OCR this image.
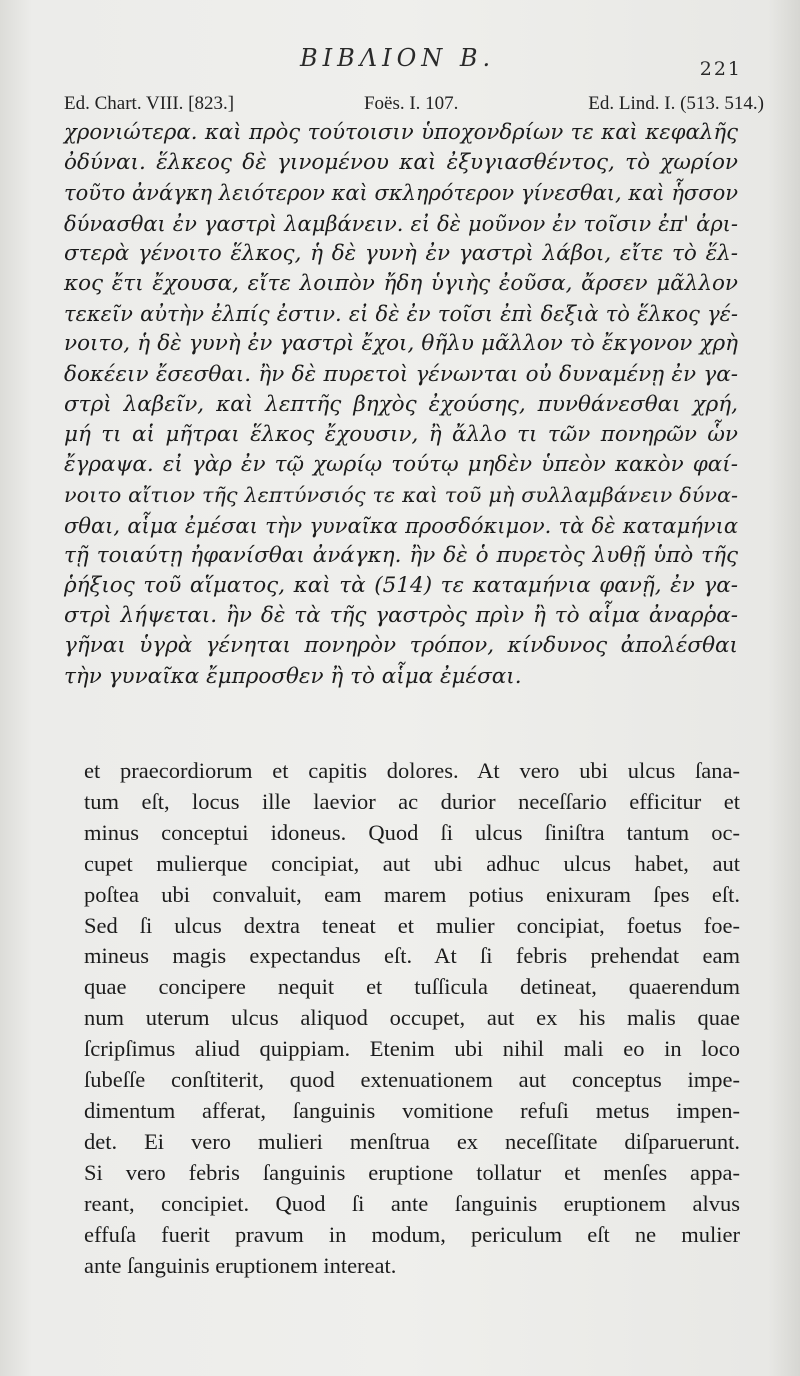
ΒΙΒΛΙΟΝ Β.	221
Ed. Chart. VIII. [823.]	Foës. I. 107.	Ed. Lind. I. (513. 514.)
χρονιώτερα. καὶ πρὸς τούτοισιν ὑποχονδρίων τε καὶ κεφαλῆς
ὀδύναι. ἕλκεος δὲ γινομένου καὶ ἐξυγιασθέντος, τὸ χωρίον
τοῦτο ἀνάγκη λειότερον καὶ σκληρότερον γίνεσθαι, καὶ ἧσσον
δύνασθαι ἐν γαστρὶ λαμβάνειν. εἰ δὲ μοῦνον ἐν τοῖσιν ἐπ' ἀρι-
στερὰ γένοιτο ἕλκος, ἡ δὲ γυνὴ ἐν γαστρὶ λάβοι, εἴτε τὸ ἕλ-
κος ἔτι ἔχουσα, εἴτε λοιπὸν ἤδη ὑγιὴς ἐοῦσα, ἄρσεν μᾶλλον
τεκεῖν αὐτὴν ἐλπίς ἐστιν. εἰ δὲ ἐν τοῖσι ἐπὶ δεξιὰ τὸ ἕλκος γέ-
νοιτο, ἡ δὲ γυνὴ ἐν γαστρὶ ἔχοι, θῆλυ μᾶλλον τὸ ἔκγονον χρὴ
δοκέειν ἔσεσθαι. ἢν δὲ πυρετοὶ γένωνται οὐ δυναμένῃ ἐν γα-
στρὶ λαβεῖν, καὶ λεπτῆς βηχὸς ἐχούσης, πυνθάνεσθαι χρή,
μή τι αἱ μῆτραι ἕλκος ἔχουσιν, ἢ ἄλλο τι τῶν πονηρῶν ὧν
ἔγραψα. εἰ γὰρ ἐν τῷ χωρίῳ τούτῳ μηδὲν ὑπεὸν κακὸν φαί-
νοιτο αἴτιον τῆς λεπτύνσιός τε καὶ τοῦ μὴ συλλαμβάνειν δύνα-
σθαι, αἷμα ἐμέσαι τὴν γυναῖκα προσδόκιμον. τὰ δὲ καταμήνια
τῇ τοιαύτῃ ἠφανίσθαι ἀνάγκη. ἢν δὲ ὁ πυρετὸς λυθῇ ὑπὸ τῆς
ῥήξιος τοῦ αἵματος, καὶ τὰ (514) τε καταμήνια φανῇ, ἐν γα-
στρὶ λήψεται. ἢν δὲ τὰ τῆς γαστρὸς πρὶν ἢ τὸ αἷμα ἀναρῥα-
γῆναι ὑγρὰ γένηται πονηρὸν τρόπον, κίνδυνος ἀπολέσθαι
τὴν γυναῖκα ἔμπροσθεν ἢ τὸ αἷμα ἐμέσαι.
et praecordiorum et capitis dolores. At vero ubi ulcus ſana-
tum eſt, locus ille laevior ac durior neceſſario efficitur et
minus conceptui idoneus. Quod ſi ulcus ſiniſtra tantum oc-
cupet mulierque concipiat, aut ubi adhuc ulcus habet, aut
poſtea ubi convaluit, eam marem potius enixuram ſpes eſt.
Sed ſi ulcus dextra teneat et mulier concipiat, foetus foe-
mineus magis expectandus eſt. At ſi febris prehendat eam
quae concipere nequit et tuſſicula detineat, quaerendum
num uterum ulcus aliquod occupet, aut ex his malis quae
ſcripſimus aliud quippiam. Etenim ubi nihil mali eo in loco
ſubeſſe conſtiterit, quod extenuationem aut conceptus impe-
dimentum afferat, ſanguinis vomitione refuſi metus impen-
det. Ei vero mulieri menſtrua ex neceſſitate diſparuerunt.
Si vero febris ſanguinis eruptione tollatur et menſes appa-
reant, concipiet. Quod ſi ante ſanguinis eruptionem alvus
effuſa fuerit pravum in modum, periculum eſt ne mulier
ante ſanguinis eruptionem intereat.
